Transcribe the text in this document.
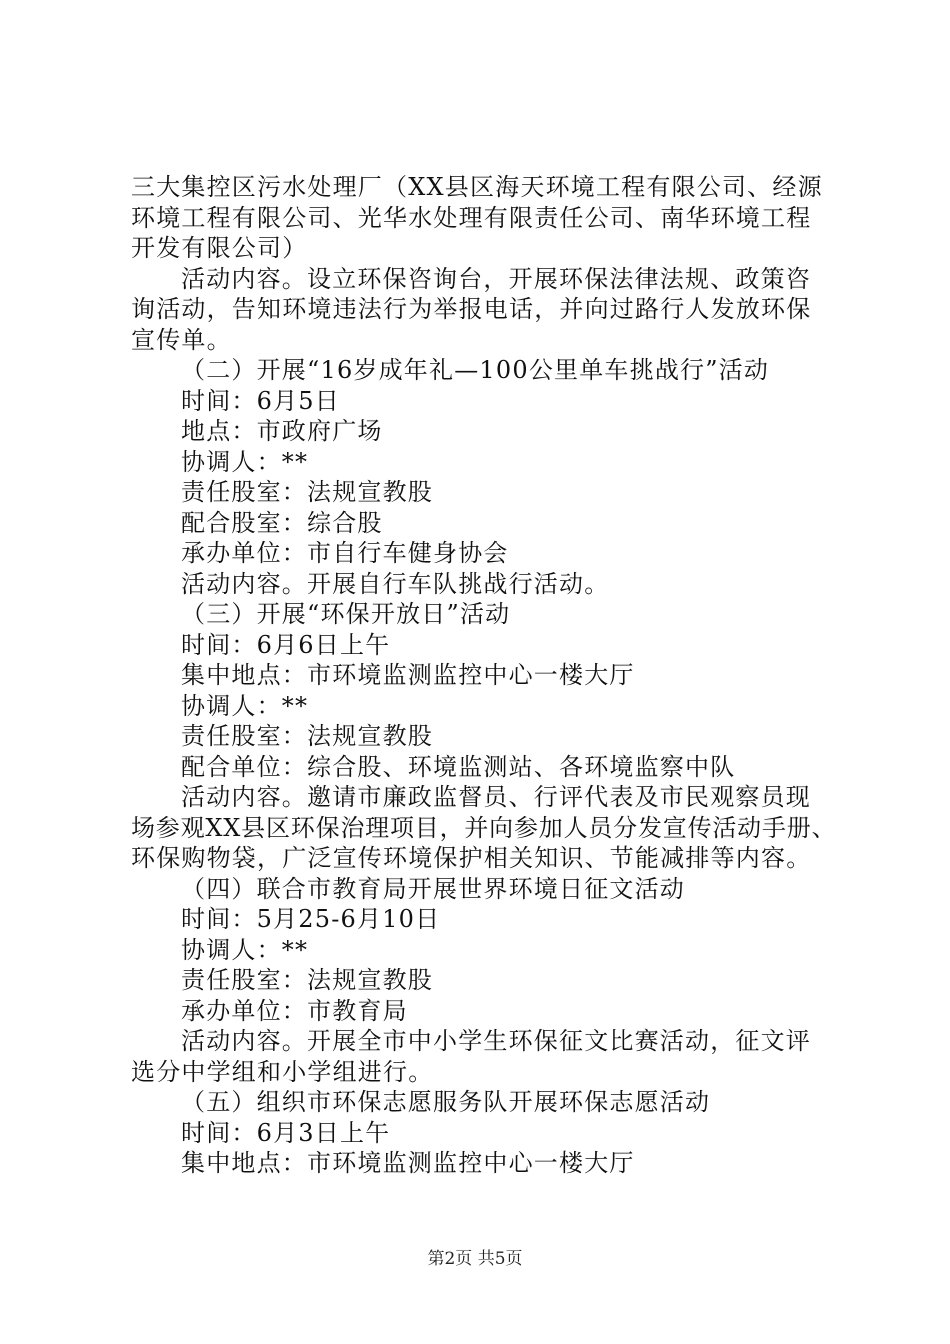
三大集控区污水处理厂（XX县区海天环境工程有限公司、经源
环境工程有限公司、光华水处理有限责任公司、南华环境工程
开发有限公司）
活动内容。设立环保咨询台，开展环保法律法规、政策咨
询活动，告知环境违法行为举报电话，并向过路行人发放环保
宣传单。
（二）开展“16岁成年礼—100公里单车挑战行”活动
时间：6月5日
地点：市政府广场
协调人：**
责任股室：法规宣教股
配合股室：综合股
承办单位：市自行车健身协会
活动内容。开展自行车队挑战行活动。
（三）开展“环保开放日”活动
时间：6月6日上午
集中地点：市环境监测监控中心一楼大厅
协调人：**
责任股室：法规宣教股
配合单位：综合股、环境监测站、各环境监察中队
活动内容。邀请市廉政监督员、行评代表及市民观察员现
场参观XX县区环保治理项目，并向参加人员分发宣传活动手册、
环保购物袋，广泛宣传环境保护相关知识、节能减排等内容。
（四）联合市教育局开展世界环境日征文活动
时间：5月25-6月10日
协调人：**
责任股室：法规宣教股
承办单位：市教育局
活动内容。开展全市中小学生环保征文比赛活动，征文评
选分中学组和小学组进行。
（五）组织市环保志愿服务队开展环保志愿活动
时间：6月3日上午
集中地点：市环境监测监控中心一楼大厅
第2页 共5页
